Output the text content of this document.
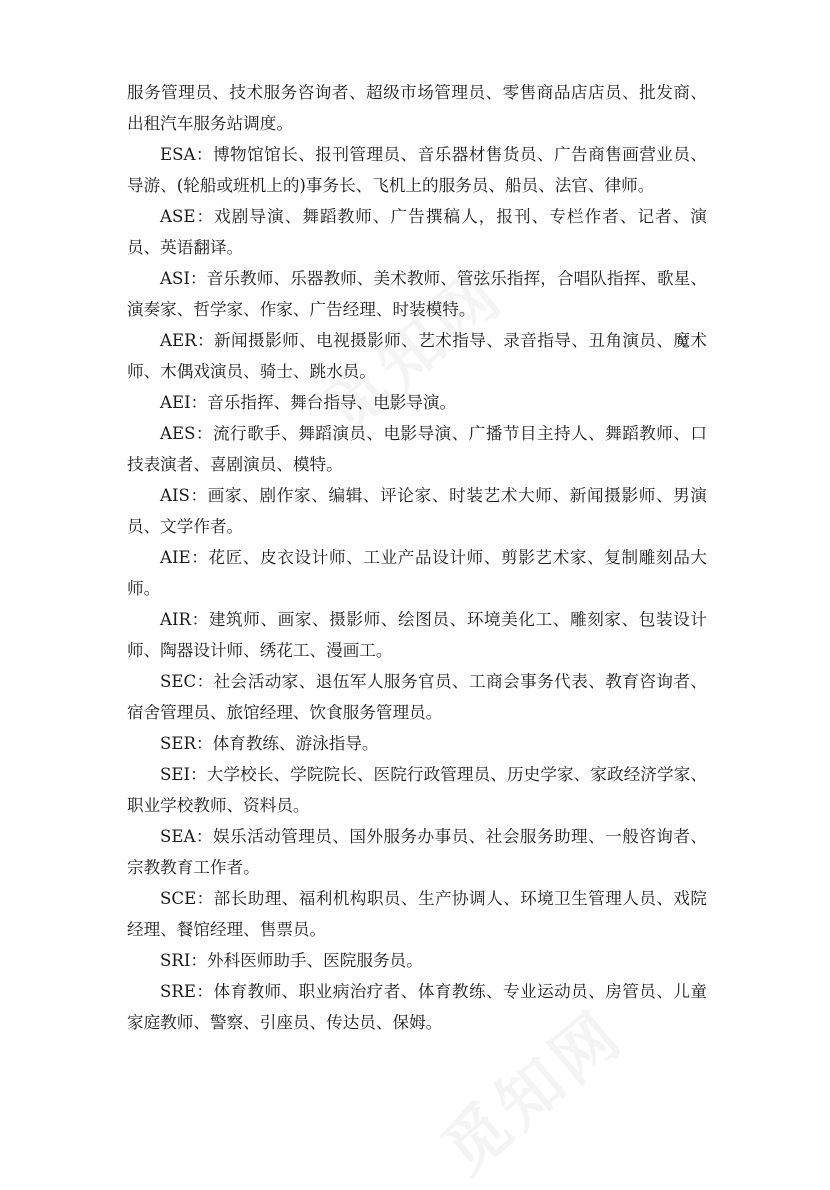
服务管理员、技术服务咨询者、超级市场管理员、零售商品店店员、批发商、出租汽车服务站调度。

ESA：博物馆馆长、报刊管理员、音乐器材售货员、广告商售画营业员、导游、(轮船或班机上的)事务长、飞机上的服务员、船员、法官、律师。

ASE：戏剧导演、舞蹈教师、广告撰稿人，报刊、专栏作者、记者、演员、英语翻译。

ASI：音乐教师、乐器教师、美术教师、管弦乐指挥，合唱队指挥、歌星、演奏家、哲学家、作家、广告经理、时装模特。

AER：新闻摄影师、电视摄影师、艺术指导、录音指导、丑角演员、魔术师、木偶戏演员、骑士、跳水员。

AEI：音乐指挥、舞台指导、电影导演。

AES：流行歌手、舞蹈演员、电影导演、广播节目主持人、舞蹈教师、口技表演者、喜剧演员、模特。

AIS：画家、剧作家、编辑、评论家、时装艺术大师、新闻摄影师、男演员、文学作者。

AIE：花匠、皮衣设计师、工业产品设计师、剪影艺术家、复制雕刻品大师。

AIR：建筑师、画家、摄影师、绘图员、环境美化工、雕刻家、包装设计师、陶器设计师、绣花工、漫画工。

SEC：社会活动家、退伍军人服务官员、工商会事务代表、教育咨询者、宿舍管理员、旅馆经理、饮食服务管理员。

SER：体育教练、游泳指导。

SEI：大学校长、学院院长、医院行政管理员、历史学家、家政经济学家、职业学校教师、资料员。

SEA：娱乐活动管理员、国外服务办事员、社会服务助理、一般咨询者、宗教教育工作者。

SCE：部长助理、福利机构职员、生产协调人、环境卫生管理人员、戏院经理、餐馆经理、售票员。

SRI：外科医师助手、医院服务员。

SRE：体育教师、职业病治疗者、体育教练、专业运动员、房管员、儿童家庭教师、警察、引座员、传达员、保姆。
